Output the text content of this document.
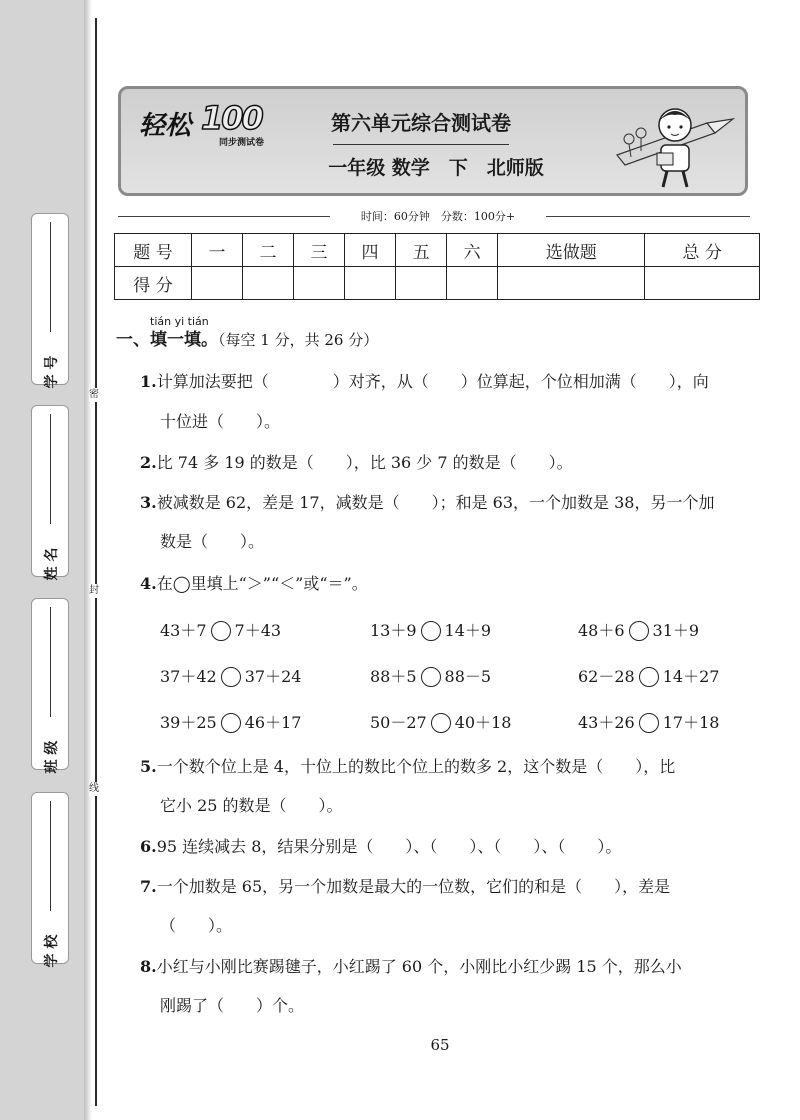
密
封
线
学 号
姓 名
班 级
学 校
轻松 100
同步测试卷
第六单元综合测试卷
一年级 数学　下　北师版
时间：60分钟　分数：100分+
题 号	一	二	三	四	五	六	选做题	总 分
得 分								
tián yi tián
一、填一填。（每空 1 分，共 26 分）
1.计算加法要把（　　　　）对齐，从（　　）位算起，个位相加满（　　），向
十位进（　　）。
2.比 74 多 19 的数是（　　），比 36 少 7 的数是（　　）。
3.被减数是 62，差是 17，减数是（　　）；和是 63，一个加数是 38，另一个加
数是（　　）。
4.在◯里填上“＞”“＜”或“＝”。
43＋7 7＋43	13＋9 14＋9	48＋6 31＋9
37＋42 37＋24	88＋5 88－5	62－28 14＋27
39＋25 46＋17	50－27 40＋18	43＋26 17＋18
5.一个数个位上是 4，十位上的数比个位上的数多 2，这个数是（　　），比
它小 25 的数是（　　）。
6.95 连续减去 8，结果分别是（　　）、（　　）、（　　）、（　　）。
7.一个加数是 65，另一个加数是最大的一位数，它们的和是（　　），差是
（　　）。
8.小红与小刚比赛踢毽子，小红踢了 60 个，小刚比小红少踢 15 个，那么小
刚踢了（　　）个。
65
